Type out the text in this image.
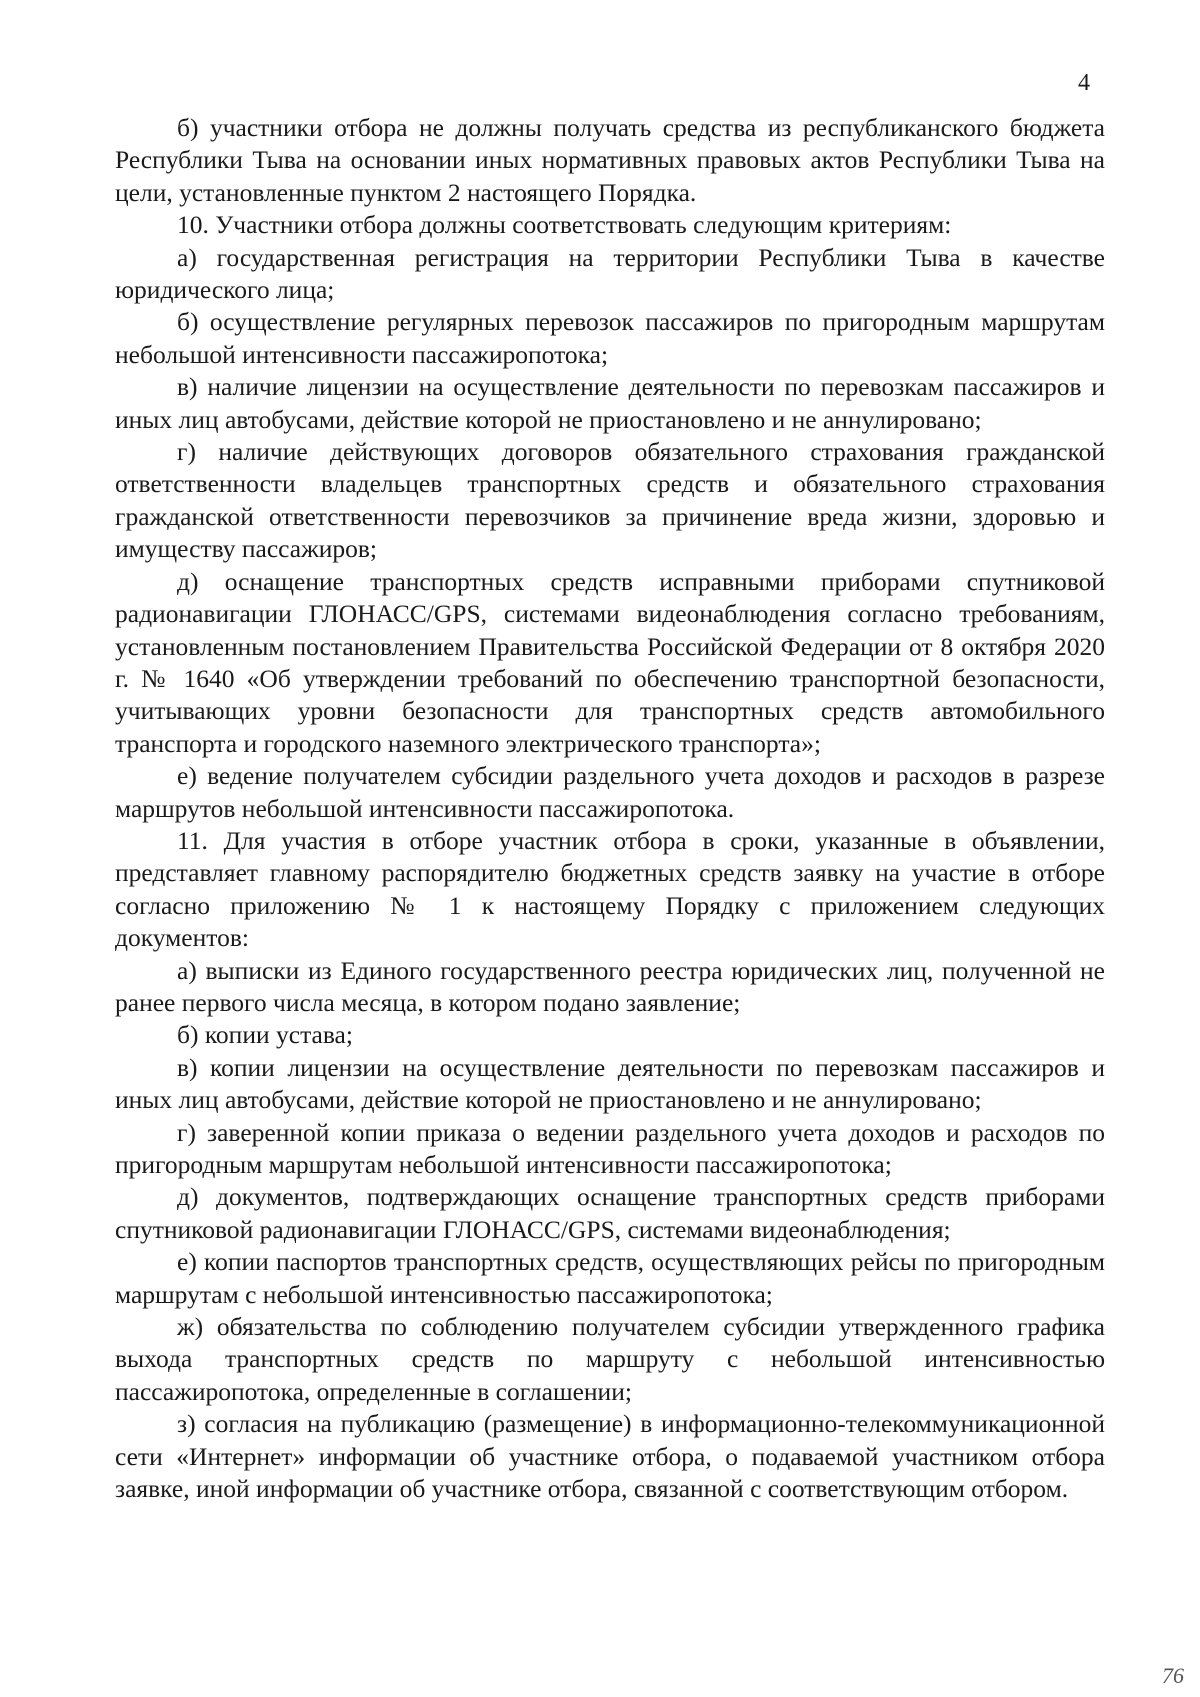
4

б) участники отбора не должны получать средства из республиканского бюджета Республики Тыва на основании иных нормативных правовых актов Республики Тыва на цели, установленные пунктом 2 настоящего Порядка.

10. Участники отбора должны соответствовать следующим критериям:

а) государственная регистрация на территории Республики Тыва в качестве юридического лица;

б) осуществление регулярных перевозок пассажиров по пригородным маршрутам небольшой интенсивности пассажиропотока;

в) наличие лицензии на осуществление деятельности по перевозкам пассажиров и иных лиц автобусами, действие которой не приостановлено и не аннулировано;

г) наличие действующих договоров обязательного страхования гражданской ответственности владельцев транспортных средств и обязательного страхования гражданской ответственности перевозчиков за причинение вреда жизни, здоровью и имуществу пассажиров;

д) оснащение транспортных средств исправными приборами спутниковой радионавигации ГЛОНАСС/GPS, системами видеонаблюдения согласно требованиям, установленным постановлением Правительства Российской Федерации от 8 октября 2020 г. № 1640 «Об утверждении требований по обеспечению транспортной безопасности, учитывающих уровни безопасности для транспортных средств автомобильного транспорта и городского наземного электрического транспорта»;

е) ведение получателем субсидии раздельного учета доходов и расходов в разрезе маршрутов небольшой интенсивности пассажиропотока.

11. Для участия в отборе участник отбора в сроки, указанные в объявлении, представляет главному распорядителю бюджетных средств заявку на участие в отборе согласно приложению № 1 к настоящему Порядку с приложением следующих документов:

а) выписки из Единого государственного реестра юридических лиц, полученной не ранее первого числа месяца, в котором подано заявление;

б) копии устава;

в) копии лицензии на осуществление деятельности по перевозкам пассажиров и иных лиц автобусами, действие которой не приостановлено и не аннулировано;

г) заверенной копии приказа о ведении раздельного учета доходов и расходов по пригородным маршрутам небольшой интенсивности пассажиропотока;

д) документов, подтверждающих оснащение транспортных средств приборами спутниковой радионавигации ГЛОНАСС/GPS, системами видеонаблюдения;

е) копии паспортов транспортных средств, осуществляющих рейсы по пригородным маршрутам с небольшой интенсивностью пассажиропотока;

ж) обязательства по соблюдению получателем субсидии утвержденного графика выхода транспортных средств по маршруту с небольшой интенсивностью пассажиропотока, определенные в соглашении;

з) согласия на публикацию (размещение) в информационно-телекоммуникационной сети «Интернет» информации об участнике отбора, о подаваемой участником отбора заявке, иной информации об участнике отбора, связанной с соответствующим отбором.

76
